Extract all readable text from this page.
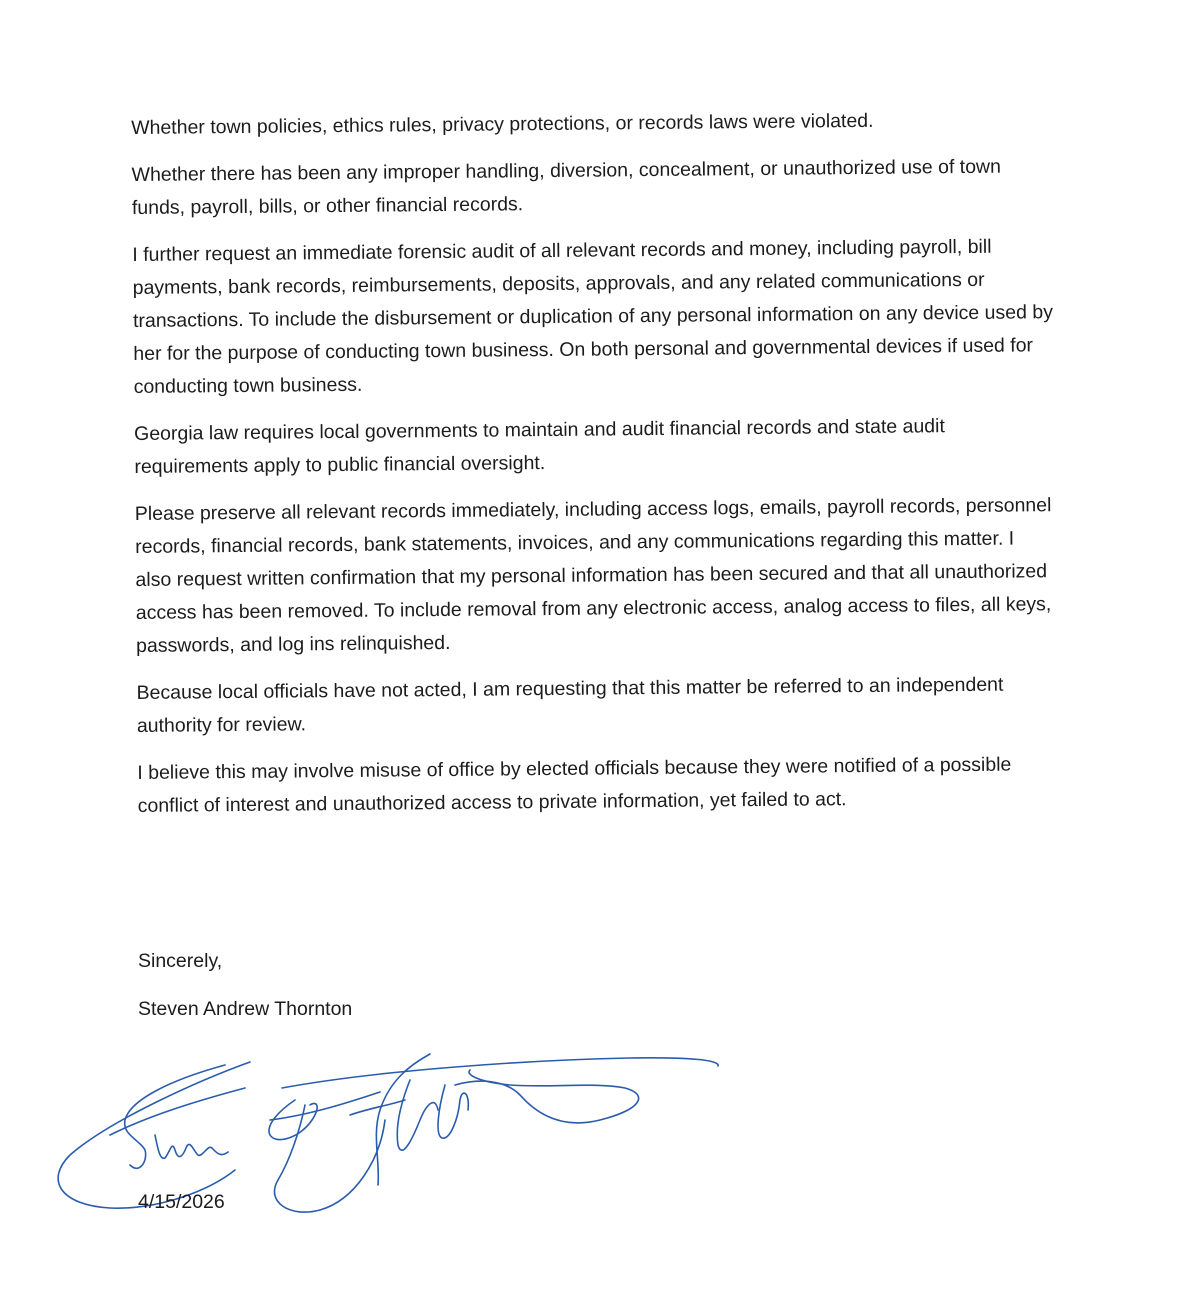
Whether town policies, ethics rules, privacy protections, or records laws were violated.

Whether there has been any improper handling, diversion, concealment, or unauthorized use of town funds, payroll, bills, or other financial records.

I further request an immediate forensic audit of all relevant records and money, including payroll, bill payments, bank records, reimbursements, deposits, approvals, and any related communications or transactions. To include the disbursement or duplication of any personal information on any device used by her for the purpose of conducting town business. On both personal and governmental devices if used for conducting town business.

Georgia law requires local governments to maintain and audit financial records and state audit requirements apply to public financial oversight.

Please preserve all relevant records immediately, including access logs, emails, payroll records, personnel records, financial records, bank statements, invoices, and any communications regarding this matter. I also request written confirmation that my personal information has been secured and that all unauthorized access has been removed. To include removal from any electronic access, analog access to files, all keys, passwords, and log ins relinquished.

Because local officials have not acted, I am requesting that this matter be referred to an independent authority for review.

I believe this may involve misuse of office by elected officials because they were notified of a possible conflict of interest and unauthorized access to private information, yet failed to act.

Sincerely,

Steven Andrew Thornton

4/15/2026
